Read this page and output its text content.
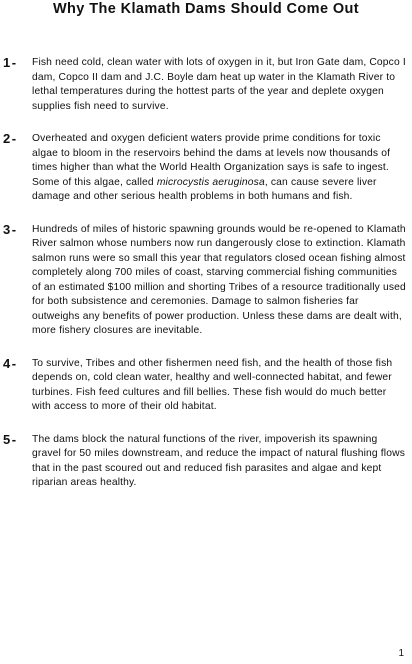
Why The Klamath Dams Should Come Out
1- Fish need cold, clean water with lots of oxygen in it, but Iron Gate dam, Copco I dam, Copco II dam and J.C. Boyle dam heat up water in the Klamath River to lethal temperatures during the hottest parts of the year and deplete oxygen supplies fish need to survive.
2- Overheated and oxygen deficient waters provide prime conditions for toxic algae to bloom in the reservoirs behind the dams at levels now thousands of times higher than what the World Health Organization says is safe to ingest. Some of this algae, called microcystis aeruginosa, can cause severe liver damage and other serious health problems in both humans and fish.
3- Hundreds of miles of historic spawning grounds would be re-opened to Klamath River salmon whose numbers now run dangerously close to extinction. Klamath salmon runs were so small this year that regulators closed ocean fishing almost completely along 700 miles of coast, starving commercial fishing communities of an estimated $100 million and shorting Tribes of a resource traditionally used for both subsistence and ceremonies. Damage to salmon fisheries far outweighs any benefits of power production. Unless these dams are dealt with, more fishery closures are inevitable.
4- To survive, Tribes and other fishermen need fish, and the health of those fish depends on, cold clean water, healthy and well-connected habitat, and fewer turbines. Fish feed cultures and fill bellies. These fish would do much better with access to more of their old habitat.
5- The dams block the natural functions of the river, impoverish its spawning gravel for 50 miles downstream, and reduce the impact of natural flushing flows that in the past scoured out and reduced fish parasites and algae and kept riparian areas healthy.
1
